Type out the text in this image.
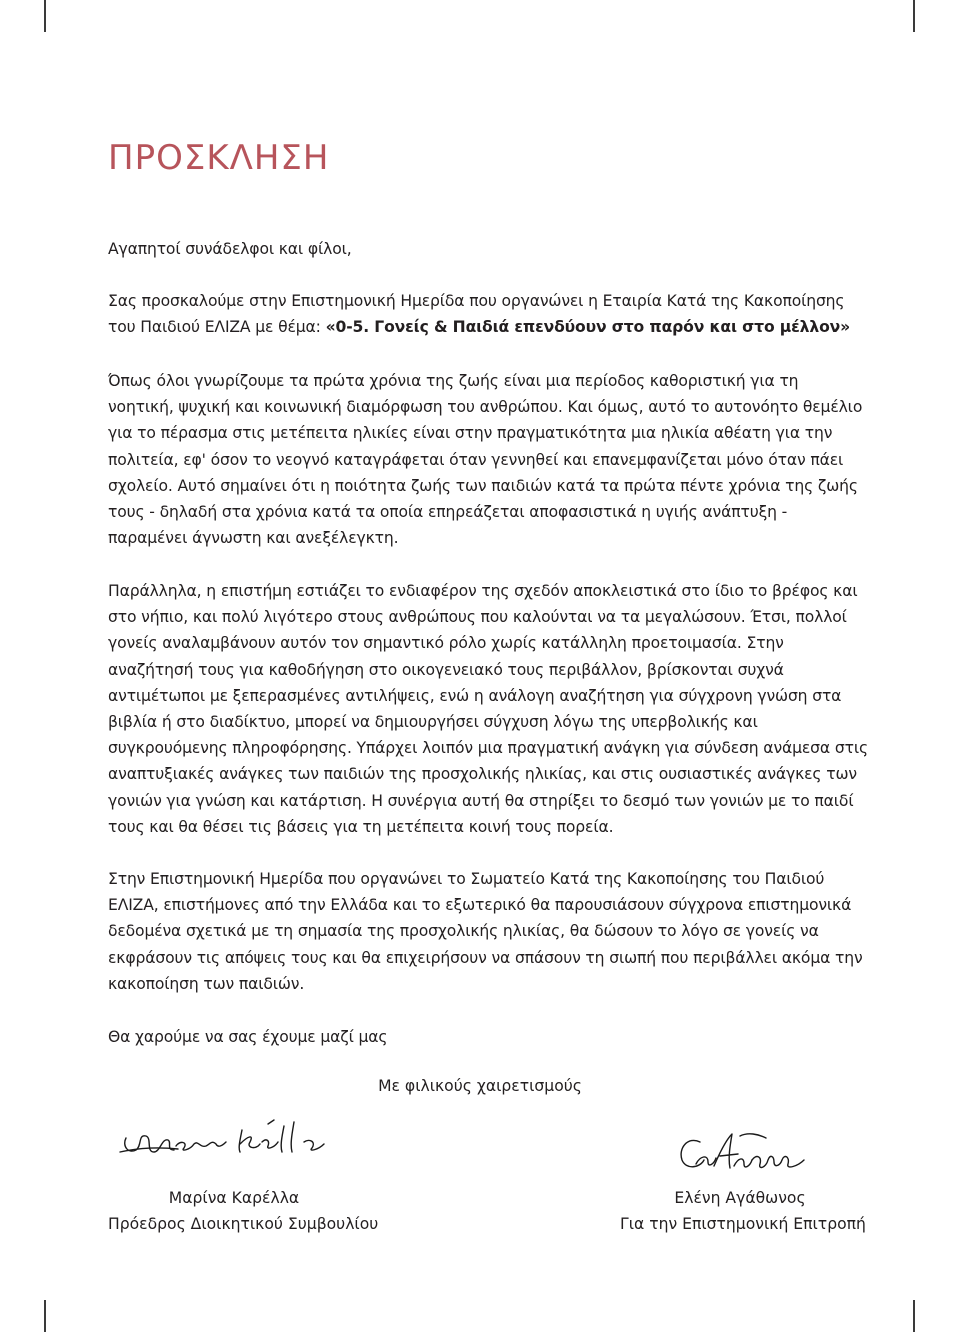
ΠΡΟΣΚΛΗΣΗ

Αγαπητοί συνάδελφοι και φίλοι,

Σας προσκαλούμε στην Επιστημονική Ημερίδα που οργανώνει η Εταιρία Κατά της Κακοποίησης του Παιδιού ΕΛΙΖΑ με θέμα: «0-5. Γονείς & Παιδιά επενδύουν στο παρόν και στο μέλλον»

Όπως όλοι γνωρίζουμε τα πρώτα χρόνια της ζωής είναι μια περίοδος καθοριστική για τη νοητική, ψυχική και κοινωνική διαμόρφωση του ανθρώπου. Και όμως, αυτό το αυτονόητο θεμέλιο για το πέρασμα στις μετέπειτα ηλικίες είναι στην πραγματικότητα μια ηλικία αθέατη για την πολιτεία, εφ' όσον το νεογνό καταγράφεται όταν γεννηθεί και επανεμφανίζεται μόνο όταν πάει σχολείο. Αυτό σημαίνει ότι η ποιότητα ζωής των παιδιών κατά τα πρώτα πέντε χρόνια της ζωής τους - δηλαδή στα χρόνια κατά τα οποία επηρεάζεται αποφασιστικά η υγιής ανάπτυξη - παραμένει άγνωστη και ανεξέλεγκτη.

Παράλληλα, η επιστήμη εστιάζει το ενδιαφέρον της σχεδόν αποκλειστικά στο ίδιο το βρέφος και στο νήπιο, και πολύ λιγότερο στους ανθρώπους που καλούνται να τα μεγαλώσουν. Έτσι, πολλοί γονείς αναλαμβάνουν αυτόν τον σημαντικό ρόλο χωρίς κατάλληλη προετοιμασία. Στην αναζήτησή τους για καθοδήγηση στο οικογενειακό τους περιβάλλον, βρίσκονται συχνά αντιμέτωποι με ξεπερασμένες αντιλήψεις, ενώ η ανάλογη αναζήτηση για σύγχρονη γνώση στα βιβλία ή στο διαδίκτυο, μπορεί να δημιουργήσει σύγχυση λόγω της υπερβολικής και συγκρουόμενης πληροφόρησης. Υπάρχει λοιπόν μια πραγματική ανάγκη για σύνδεση ανάμεσα στις αναπτυξιακές ανάγκες των παιδιών της προσχολικής ηλικίας, και στις ουσιαστικές ανάγκες των γονιών για γνώση και κατάρτιση. Η συνέργια αυτή θα στηρίξει το δεσμό των γονιών με το παιδί τους και θα θέσει τις βάσεις για τη μετέπειτα κοινή τους πορεία.

Στην Επιστημονική Ημερίδα που οργανώνει το Σωματείο Κατά της Κακοποίησης του Παιδιού ΕΛΙΖΑ, επιστήμονες από την Ελλάδα και το εξωτερικό θα παρουσιάσουν σύγχρονα επιστημονικά δεδομένα σχετικά με τη σημασία της προσχολικής ηλικίας, θα δώσουν το λόγο σε γονείς να εκφράσουν τις απόψεις τους και θα επιχειρήσουν να σπάσουν τη σιωπή που περιβάλλει ακόμα την κακοποίηση των παιδιών.

Θα χαρούμε να σας έχουμε μαζί μας

Με φιλικούς χαιρετισμούς

Μαρίνα Καρέλλα
Πρόεδρος Διοικητικού Συμβουλίου
Ελένη Αγάθωνος
Για την Επιστημονική Επιτροπή
